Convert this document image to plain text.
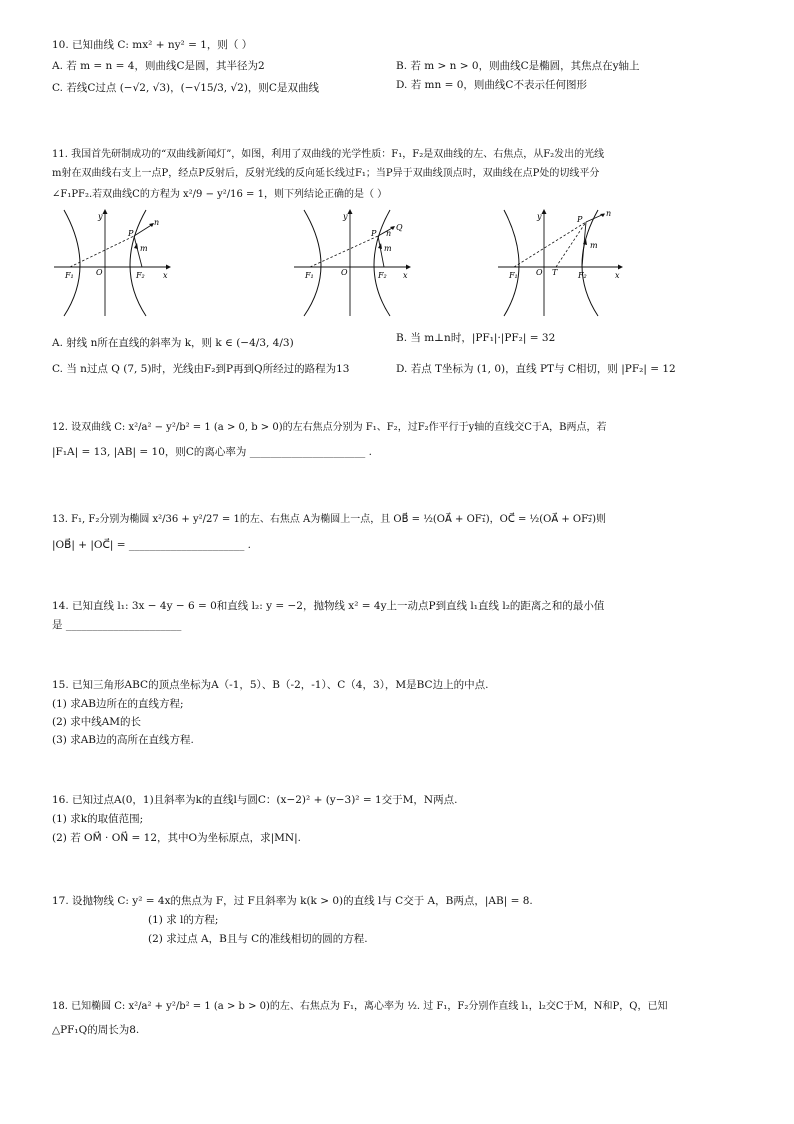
10. 已知曲线 C: mx² + ny² = 1，则（ ）
A. 若 m = n = 4，则曲线C是圆，其半径为2	B. 若 m > n > 0，则曲线C是椭圆，其焦点在y轴上
C. 若线C过点 (−√2, √3)，(−√15/3, √2)，则C是双曲线	D. 若 mn = 0，则曲线C不表示任何图形
11. 我国首先研制成功的“双曲线新闻灯”，如图，利用了双曲线的光学性质：F₁，F₂是双曲线的左、右焦点，从F₂发出的光线
m射在双曲线右支上一点P，经点P反射后，反射光线的反向延长线过F₁；当P异于双曲线顶点时，双曲线在点P处的切线平分
∠F₁PF₂.若双曲线C的方程为 x²/9 − y²/16 = 1，则下列结论正确的是（ ）
y
x
O
F₁	F₂
P
n
m
y
x
O
F₁	F₂
P n
Q
m
y
x
O
F₁	T	F₂
P
n
m
A. 射线 n所在直线的斜率为 k，则 k ∈ (−4/3, 4/3)	B. 当 m⊥n时，|PF₁|·|PF₂| = 32
C. 当 n过点 Q (7, 5)时，光线由F₂到P再到Q所经过的路程为13	D. 若点 T坐标为 (1, 0)，直线 PT与 C相切，则 |PF₂| = 12
12. 设双曲线 C: x²/a² − y²/b² = 1 (a > 0, b > 0)的左右焦点分别为 F₁、F₂，过F₂作平行于y轴的直线交C于A，B两点，若
|F₁A| = 13, |AB| = 10，则C的离心率为 ______________________ .
13. F₁, F₂分别为椭圆 x²/36 + y²/27 = 1的左、右焦点 A为椭圆上一点，且 OB⃗ = ½(OA⃗ + OF₁⃗)，OC⃗ = ½(OA⃗ + OF₂⃗)则
|OB⃗| + |OC⃗| = ______________________ .
14. 已知直线 l₁: 3x − 4y − 6 = 0和直线 l₂: y = −2，抛物线 x² = 4y上一动点P到直线 l₁直线 l₂的距离之和的最小值
是 ______________________
15. 已知三角形ABC的顶点坐标为A（-1，5）、B（-2，-1）、C（4，3），M是BC边上的中点.
(1) 求AB边所在的直线方程;
(2) 求中线AM的长
(3) 求AB边的高所在直线方程.
16. 已知过点A(0，1)且斜率为k的直线l与圆C：(x−2)² + (y−3)² = 1交于M，N两点.
(1) 求k的取值范围;
(2) 若 OM⃗ · ON⃗ = 12，其中O为坐标原点，求|MN|.
17. 设抛物线 C: y² = 4x的焦点为 F，过 F且斜率为 k(k > 0)的直线 l与 C交于 A，B两点，|AB| = 8.
(1) 求 l的方程;
(2) 求过点 A，B且与 C的准线相切的圆的方程.
18. 已知椭圆 C: x²/a² + y²/b² = 1 (a > b > 0)的左、右焦点为 F₁，离心率为 ½. 过 F₁，F₂分别作直线 l₁，l₂交C于M，N和P，Q，已知
△PF₁Q的周长为8.
